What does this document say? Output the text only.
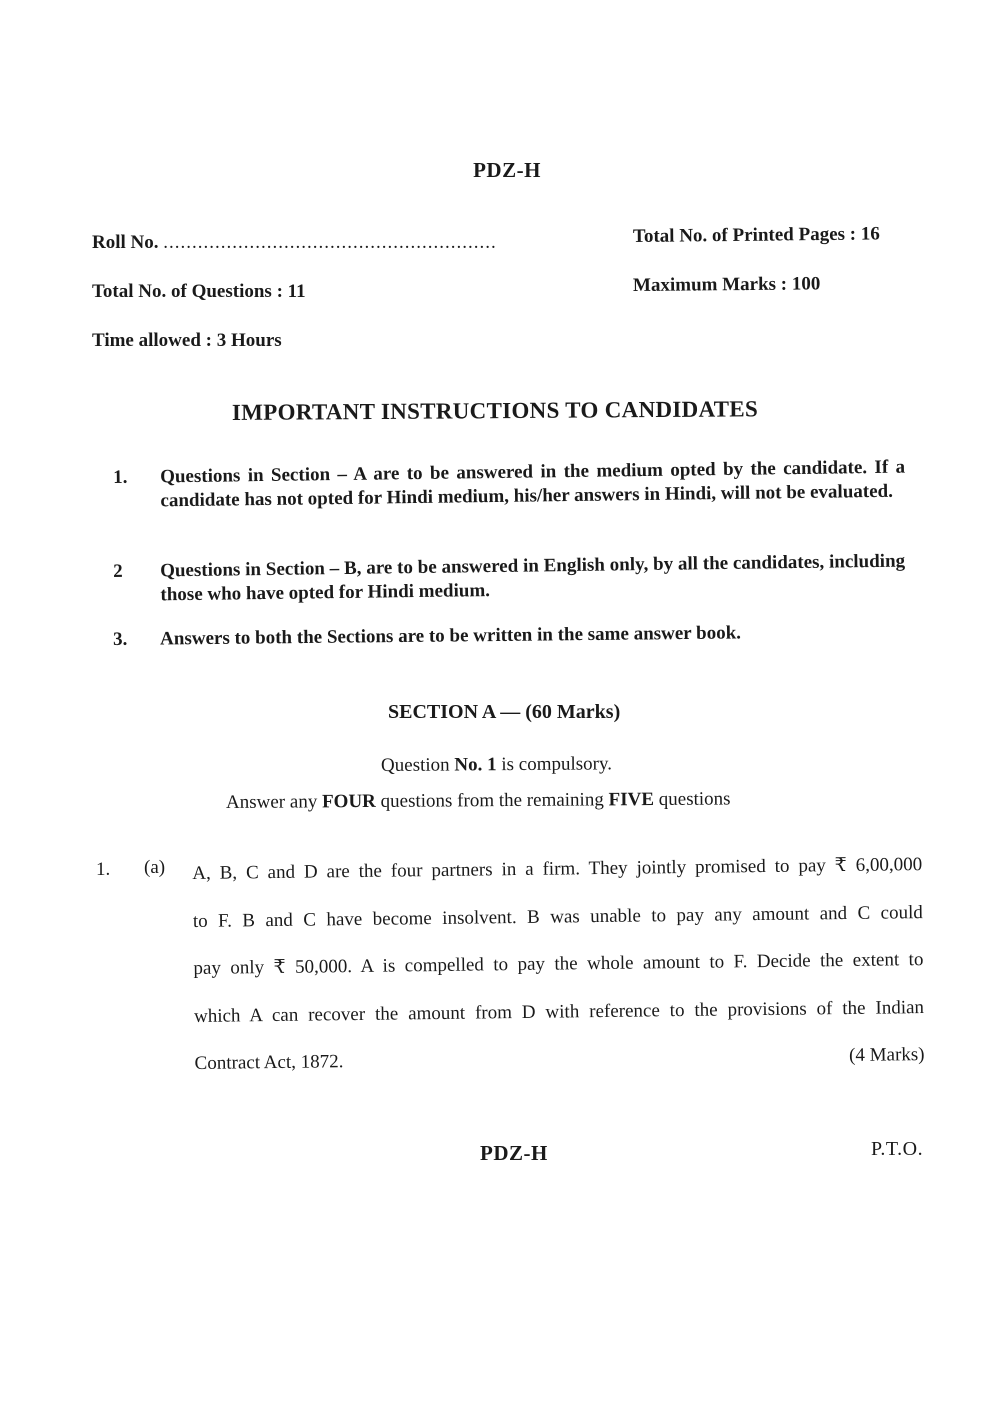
PDZ-H

Roll No. ..........................................................	Total No. of Printed Pages : 16

Total No. of Questions : 11	Maximum Marks : 100

Time allowed : 3 Hours

IMPORTANT INSTRUCTIONS TO CANDIDATES

1. Questions in Section – A are to be answered in the medium opted by the candidate. If a candidate has not opted for Hindi medium, his/her answers in Hindi, will not be evaluated.
2 Questions in Section – B, are to be answered in English only, by all the candidates, including those who have opted for Hindi medium.
3. Answers to both the Sections are to be written in the same answer book.

SECTION A — (60 Marks)

Question No. 1 is compulsory.

Answer any FOUR questions from the remaining FIVE questions

1. (a) A, B, C and D are the four partners in a firm. They jointly promised to pay ₹ 6,00,000
to F. B and C have become insolvent. B was unable to pay any amount and C could
pay only ₹ 50,000. A is compelled to pay the whole amount to F. Decide the extent to
which A can recover the amount from D with reference to the provisions of the Indian
Contract Act, 1872.	(4 Marks)

PDZ-H	P.T.O.
